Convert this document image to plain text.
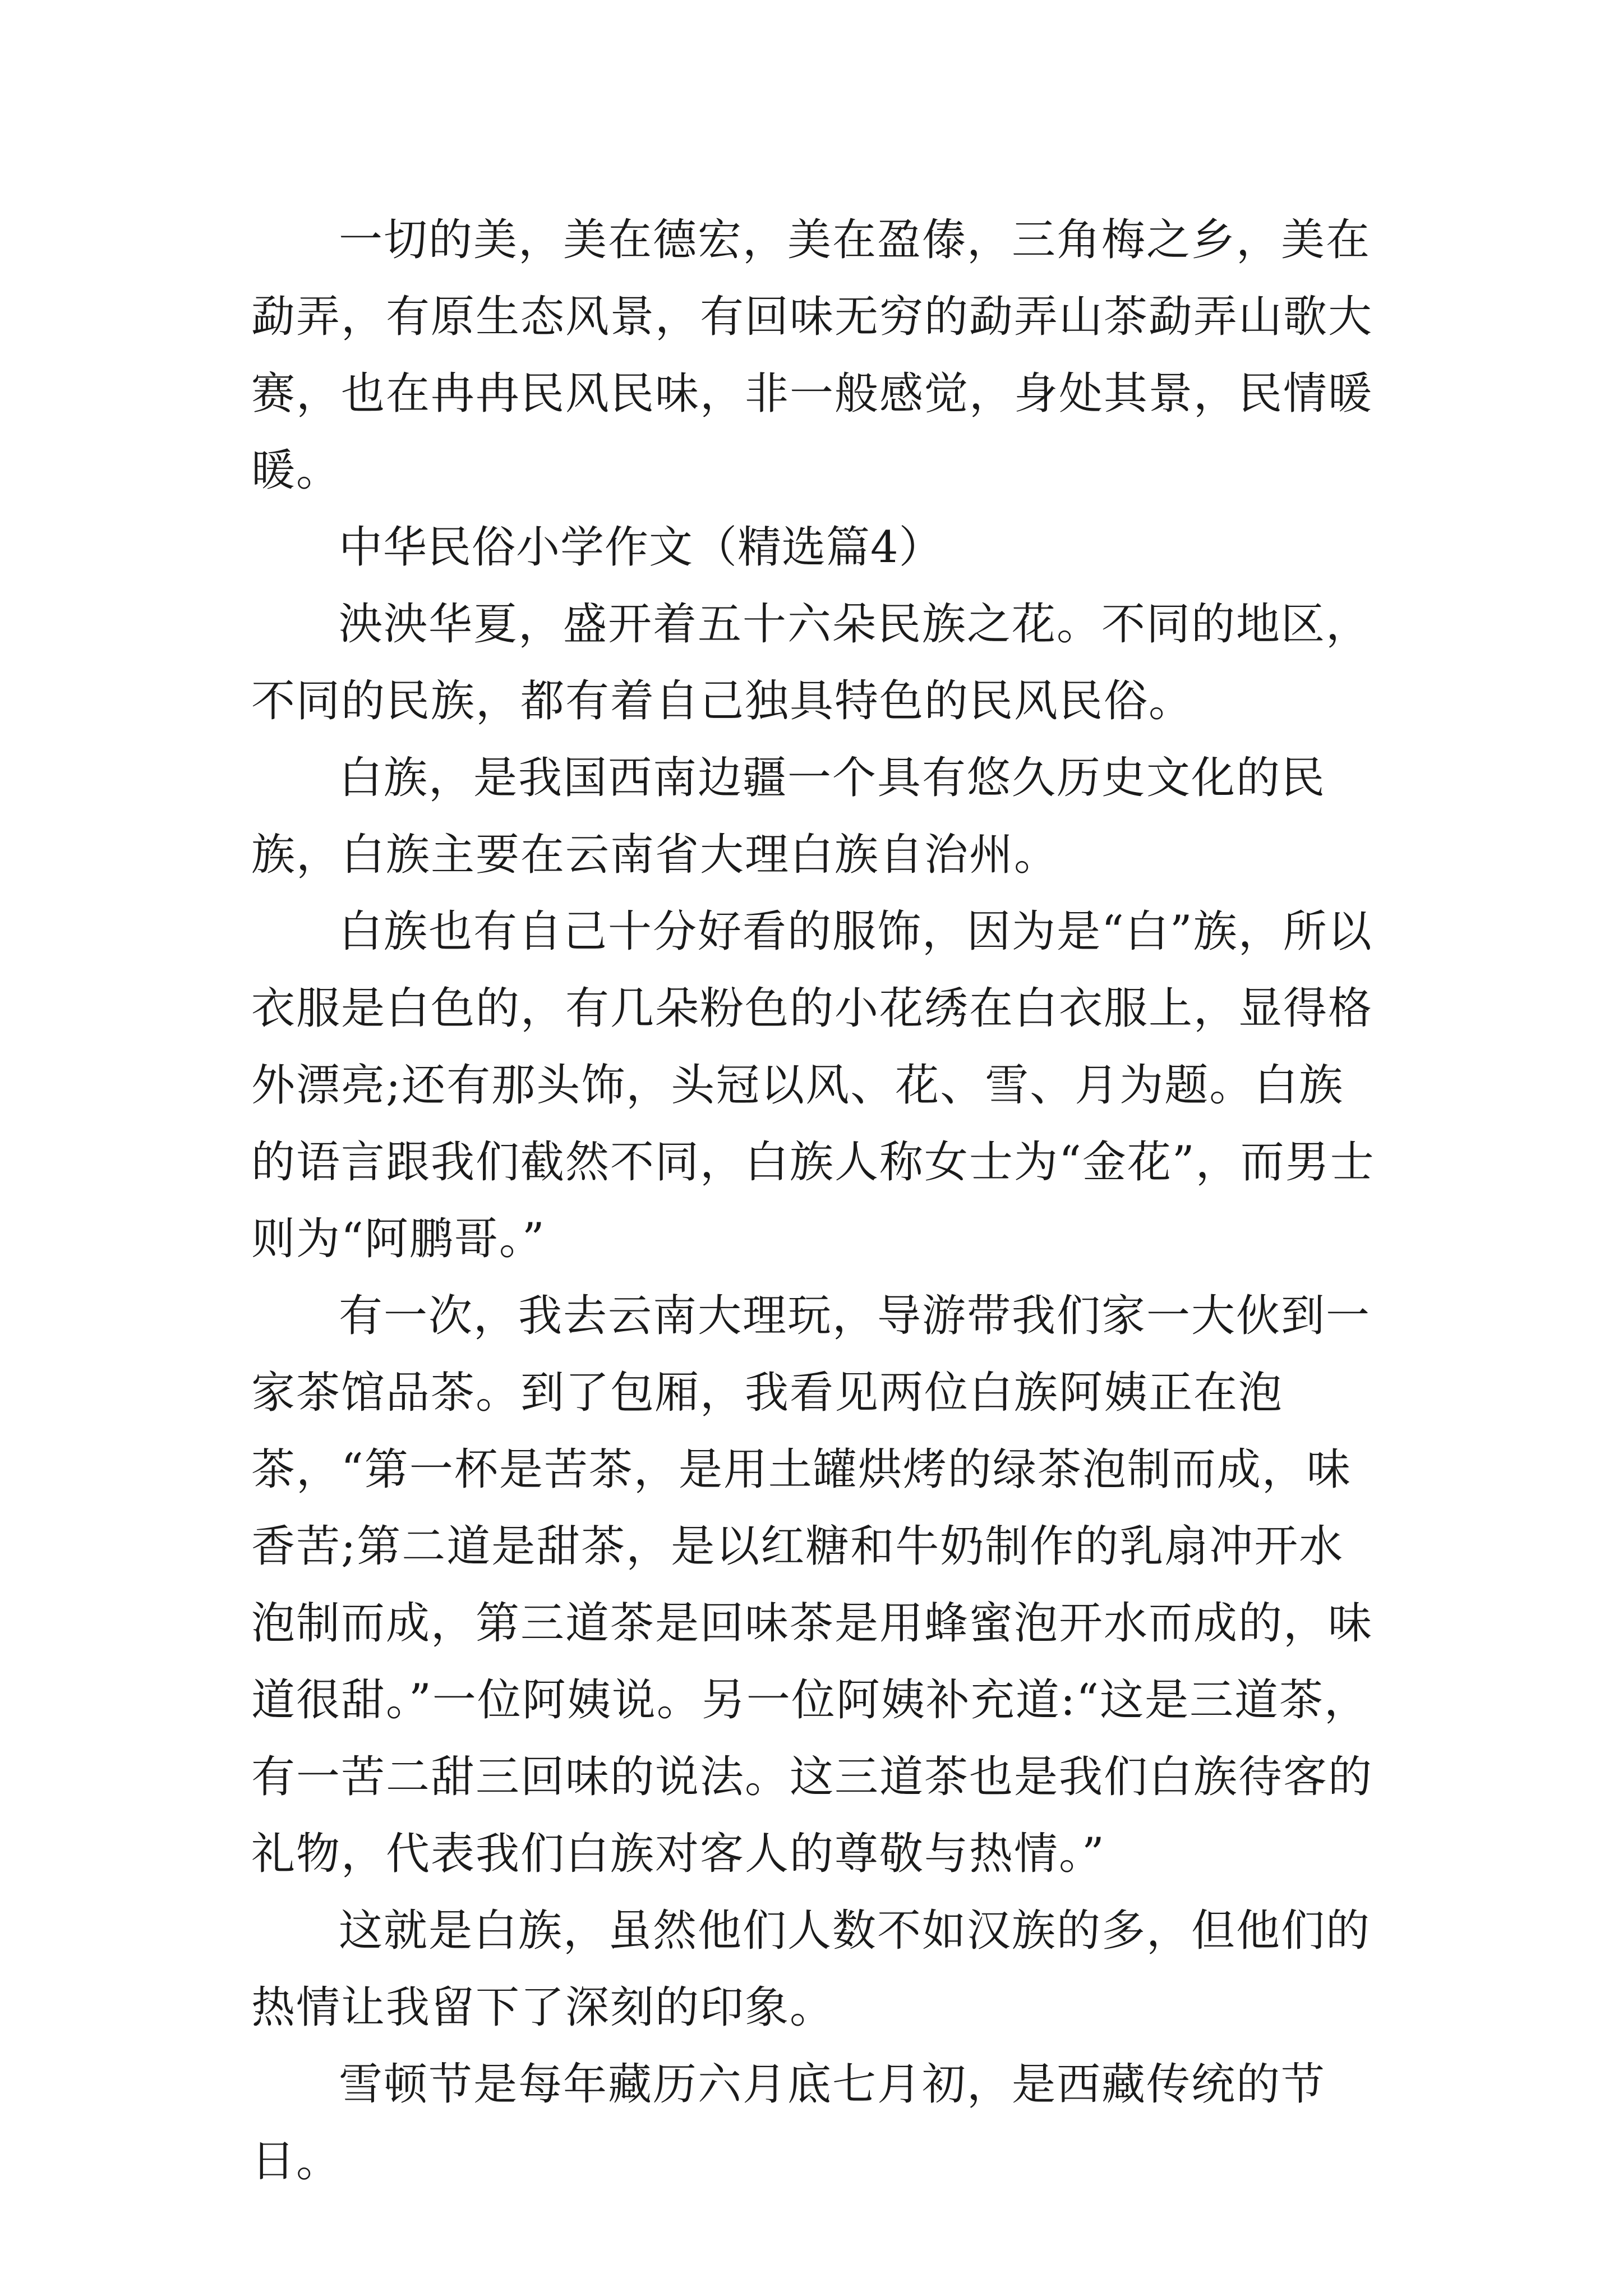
一切的美，美在德宏，美在盈傣，三角梅之乡，美在勐弄，有原生态风景，有回味无穷的勐弄山茶勐弄山歌大赛，也在冉冉民风民味，非一般感觉，身处其景，民情暖暖。

中华民俗小学作文（精选篇4）

泱泱华夏，盛开着五十六朵民族之花。不同的地区，不同的民族，都有着自己独具特色的民风民俗。

白族，是我国西南边疆一个具有悠久历史文化的民族，白族主要在云南省大理白族自治州。

白族也有自己十分好看的服饰，因为是“白”族，所以衣服是白色的，有几朵粉色的小花绣在白衣服上，显得格外漂亮;还有那头饰，头冠以风、花、雪、月为题。白族的语言跟我们截然不同，白族人称女士为“金花”，而男士则为“阿鹏哥。”

有一次，我去云南大理玩，导游带我们家一大伙到一家茶馆品茶。到了包厢，我看见两位白族阿姨正在泡茶，“第一杯是苦茶，是用土罐烘烤的绿茶泡制而成，味香苦;第二道是甜茶，是以红糖和牛奶制作的乳扇冲开水泡制而成，第三道茶是回味茶是用蜂蜜泡开水而成的，味道很甜。”一位阿姨说。另一位阿姨补充道:“这是三道茶，有一苦二甜三回味的说法。这三道茶也是我们白族待客的礼物，代表我们白族对客人的尊敬与热情。”

这就是白族，虽然他们人数不如汉族的多，但他们的热情让我留下了深刻的印象。

雪顿节是每年藏历六月底七月初，是西藏传统的节日。
